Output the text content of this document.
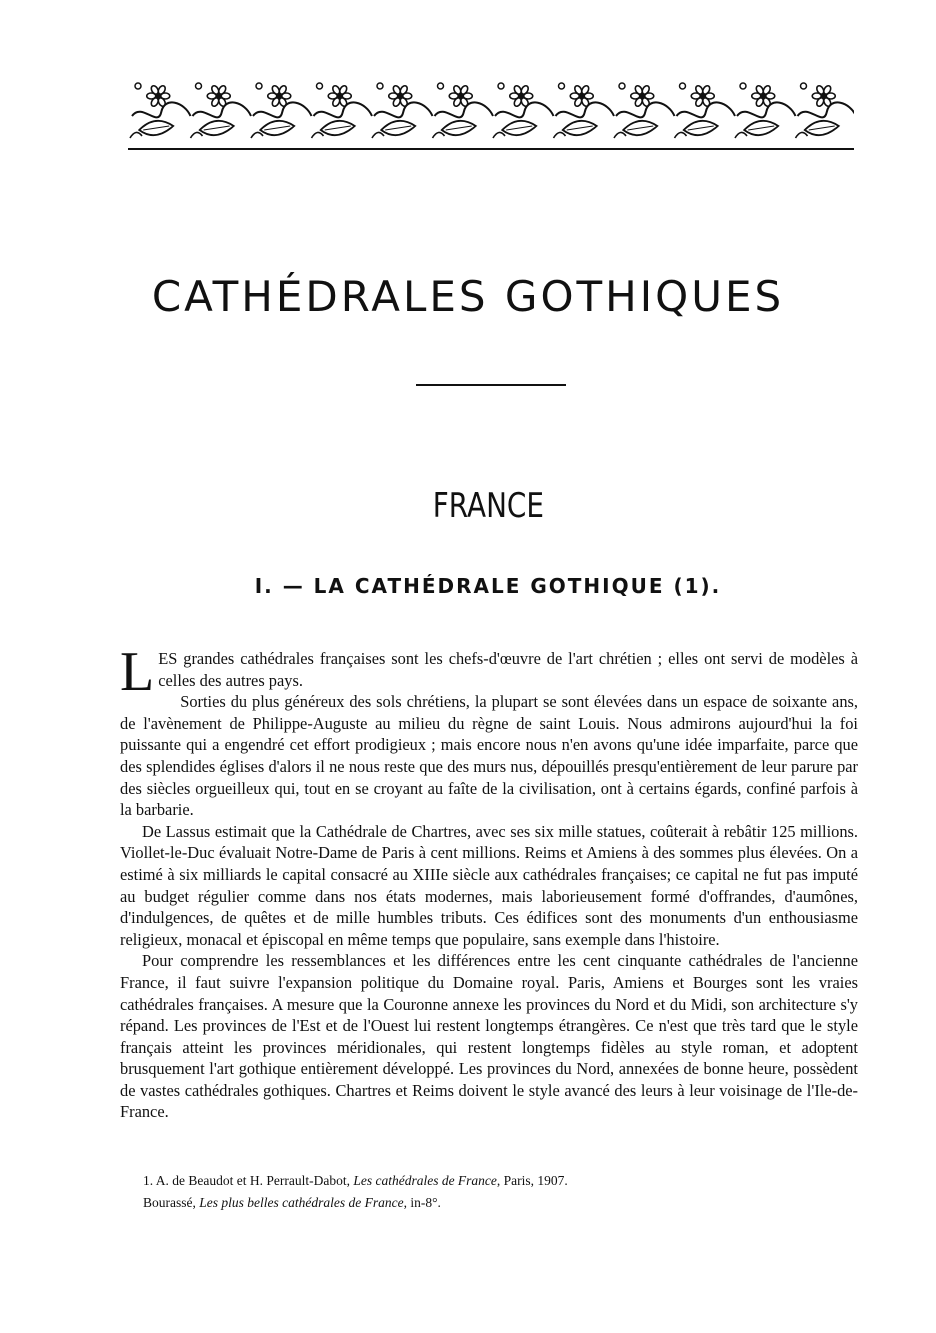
CATHÉDRALES GOTHIQUES
FRANCE
I. — LA CATHÉDRALE GOTHIQUE (1).

LES grandes cathédrales françaises sont les chefs-d'œuvre de l'art chrétien ; elles ont servi de modèles à celles des autres pays.

Sorties du plus généreux des sols chrétiens, la plupart se sont élevées dans un espace de soixante ans, de l'avènement de Philippe-Auguste au milieu du règne de saint Louis. Nous admirons aujourd'hui la foi puissante qui a engendré cet effort prodigieux ; mais encore nous n'en avons qu'une idée imparfaite, parce que des splendides églises d'alors il ne nous reste que des murs nus, dépouillés presqu'entièrement de leur parure par des siècles orgueilleux qui, tout en se croyant au faîte de la civilisation, ont à certains égards, confiné parfois à la barbarie.

De Lassus estimait que la Cathédrale de Chartres, avec ses six mille statues, coûterait à rebâtir 125 millions. Viollet-le-Duc évaluait Notre-Dame de Paris à cent millions. Reims et Amiens à des sommes plus élevées. On a estimé à six milliards le capital consacré au XIIIe siècle aux cathédrales françaises; ce capital ne fut pas imputé au budget régulier comme dans nos états modernes, mais laborieusement formé d'offrandes, d'aumônes, d'indulgences, de quêtes et de mille humbles tributs. Ces édifices sont des monuments d'un enthousiasme religieux, monacal et épiscopal en même temps que populaire, sans exemple dans l'histoire.

Pour comprendre les ressemblances et les différences entre les cent cinquante cathédrales de l'ancienne France, il faut suivre l'expansion politique du Domaine royal. Paris, Amiens et Bourges sont les vraies cathédrales françaises. A mesure que la Couronne annexe les provinces du Nord et du Midi, son architecture s'y répand. Les provinces de l'Est et de l'Ouest lui restent longtemps étrangères. Ce n'est que très tard que le style français atteint les provinces méridionales, qui restent longtemps fidèles au style roman, et adoptent brusquement l'art gothique entièrement développé. Les provinces du Nord, annexées de bonne heure, possèdent de vastes cathédrales gothiques. Chartres et Reims doivent le style avancé des leurs à leur voisinage de l'Ile-de-France.

1. A. de Beaudot et H. Perrault-Dabot, Les cathédrales de France, Paris, 1907.
Bourassé, Les plus belles cathédrales de France, in-8°.
